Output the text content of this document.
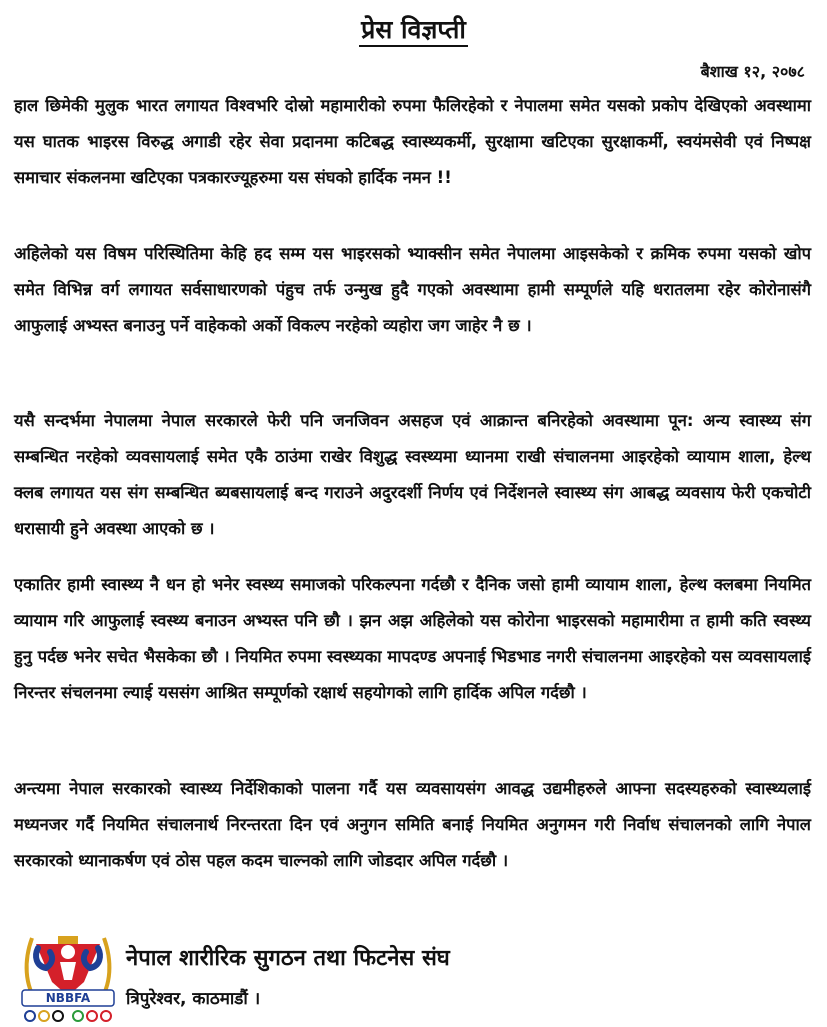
प्रेस विज्ञप्ती
बैशाख १२, २०७८

हाल छिमेकी मुलुक भारत लगायत विश्वभरि दोस्रो महामारीको रुपमा फैलिरहेको र नेपालमा समेत यसको प्रकोप देखिएको अवस्थामा यस घातक भाइरस विरुद्ध अगाडी रहेर सेवा प्रदानमा कटिबद्ध स्वास्थ्यकर्मी, सुरक्षामा खटिएका सुरक्षाकर्मी, स्वयंमसेवी एवं निष्पक्ष समाचार संकलनमा खटिएका पत्रकारज्यूहरुमा यस संघको हार्दिक नमन !!

अहिलेको यस विषम परिस्थितिमा केहि हद सम्म यस भाइरसको भ्याक्सीन समेत नेपालमा आइसकेको र क्रमिक रुपमा यसको खोप समेत विभिन्न वर्ग लगायत सर्वसाधारणको पंहुच तर्फ उन्मुख हुदै गएको अवस्थामा हामी सम्पूर्णले यहि धरातलमा रहेर कोरोनासंगै आफुलाई अभ्यस्त बनाउनु पर्ने वाहेकको अर्को विकल्प नरहेको व्यहोरा जग जाहेर नै छ ।

यसै सन्दर्भमा नेपालमा नेपाल सरकारले फेरी पनि जनजिवन असहज एवं आक्रान्त बनिरहेको अवस्थामा पून: अन्य स्वास्थ्य संग सम्बन्धित नरहेको व्यवसायलाई समेत एकै ठाउंमा राखेर विशुद्ध स्वस्थ्यमा ध्यानमा राखी संचालनमा आइरहेको व्यायाम शाला, हेल्थ क्लब लगायत यस संग सम्बन्धित ब्यबसायलाई बन्द गराउने अदुरदर्शी निर्णय एवं निर्देशनले स्वास्थ्य संग आबद्ध व्यवसाय फेरी एकचोटी धरासायी हुने अवस्था आएको छ ।

एकातिर हामी स्वास्थ्य नै धन हो भनेर स्वस्थ्य समाजको परिकल्पना गर्दछौ र दैनिक जसो हामी व्यायाम शाला, हेल्थ क्लबमा नियमित व्यायाम गरि आफुलाई स्वस्थ्य बनाउन अभ्यस्त पनि छौ । झन अझ अहिलेको यस कोरोना भाइरसको महामारीमा त हामी कति स्वस्थ्य हुनु पर्दछ भनेर सचेत भैसकेका छौ । नियमित रुपमा स्वस्थ्यका मापदण्ड अपनाई भिडभाड नगरी संचालनमा आइरहेको यस व्यवसायलाई निरन्तर संचलनमा ल्याई यससंग आश्रित सम्पूर्णको रक्षार्थ सहयोगको लागि हार्दिक अपिल गर्दछौ ।

अन्त्यमा नेपाल सरकारको स्वास्थ्य निर्देशिकाको पालना गर्दै यस व्यवसायसंग आवद्ध उद्यमीहरुले आफ्ना सदस्यहरुको स्वास्थ्यलाई मध्यनजर गर्दै नियमित संचालनार्थ निरन्तरता दिन एवं अनुगन समिति बनाई नियमित अनुगमन गरी निर्वाध संचालनको लागि नेपाल सरकारको ध्यानाकर्षण एवं ठोस पहल कदम चाल्नको लागि जोडदार अपिल गर्दछौ ।

NBBFA
नेपाल शारीरिक सुगठन तथा फिटनेस संघ
त्रिपुरेश्वर, काठमाडौं ।
